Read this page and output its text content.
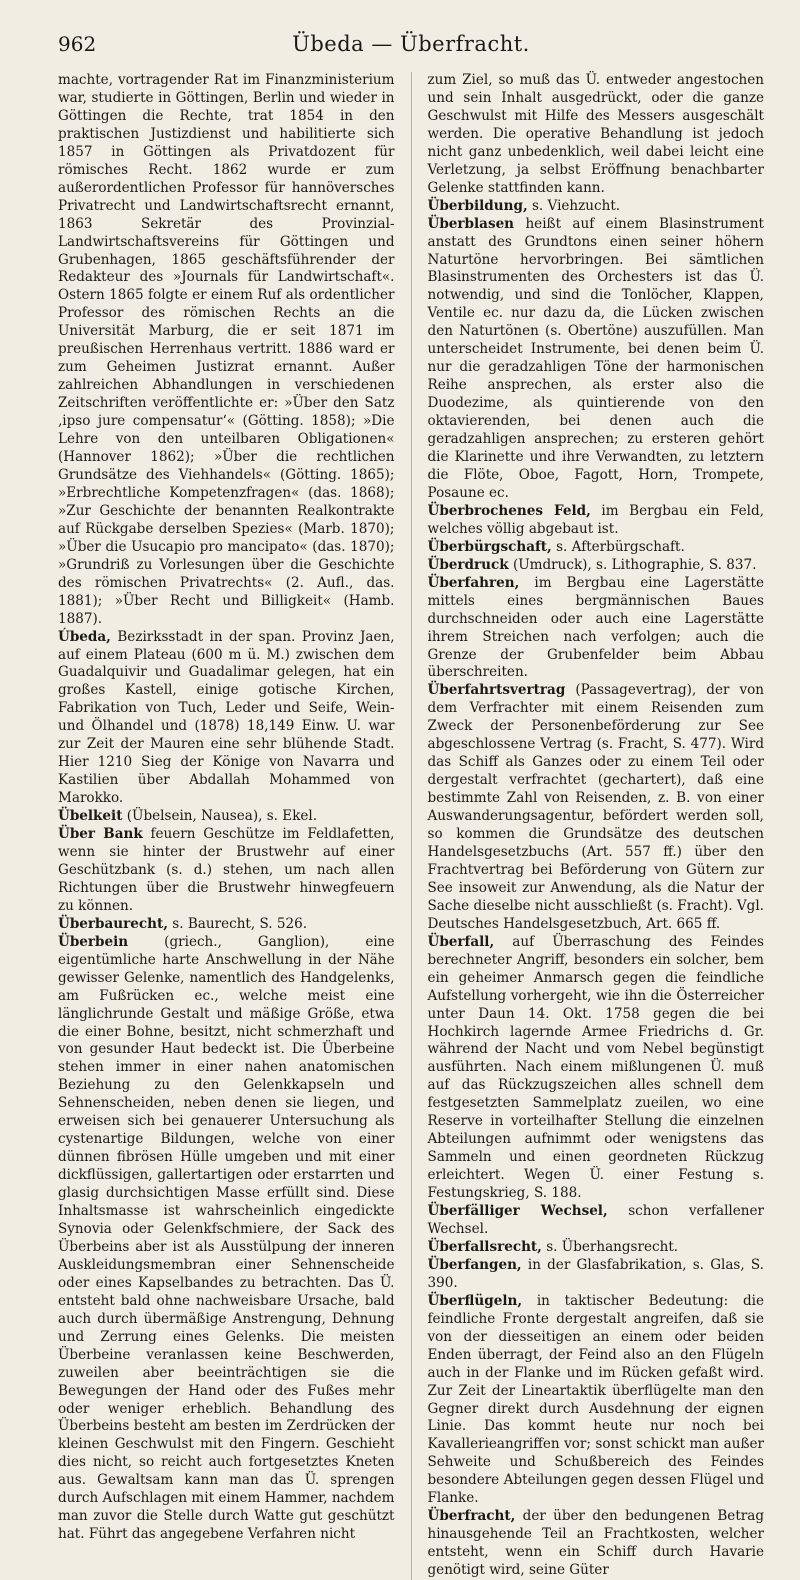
962	Übeda — Überfracht.

machte, vortragender Rat im Finanzministerium war, studierte in Göttingen, Berlin und wieder in Göttingen die Rechte, trat 1854 in den praktischen Justizdienst und habilitierte sich 1857 in Göttingen als Privatdozent für römisches Recht. 1862 wurde er zum außerordentlichen Professor für hannöversches Privatrecht und Landwirtschaftsrecht ernannt, 1863 Sekretär des Provinzial-Landwirtschaftsvereins für Göttingen und Grubenhagen, 1865 geschäftsführender der Redakteur des »Journals für Landwirtschaft«. Ostern 1865 folgte er einem Ruf als ordentlicher Professor des römischen Rechts an die Universität Marburg, die er seit 1871 im preußischen Herrenhaus vertritt. 1886 ward er zum Geheimen Justizrat ernannt. Außer zahlreichen Abhandlungen in verschiedenen Zeitschriften veröffentlichte er: »Über den Satz ‚ipso jure compensatur‘« (Götting. 1858); »Die Lehre von den unteilbaren Obligationen« (Hannover 1862); »Über die rechtlichen Grundsätze des Viehhandels« (Götting. 1865); »Erbrechtliche Kompetenzfragen« (das. 1868); »Zur Geschichte der benannten Realkontrakte auf Rückgabe derselben Spezies« (Marb. 1870); »Über die Usucapio pro mancipato« (das. 1870); »Grundriß zu Vorlesungen über die Geschichte des römischen Privatrechts« (2. Aufl., das. 1881); »Über Recht und Billigkeit« (Hamb. 1887).

Úbeda, Bezirksstadt in der span. Provinz Jaen, auf einem Plateau (600 m ü. M.) zwischen dem Guadalquivir und Guadalimar gelegen, hat ein großes Kastell, einige gotische Kirchen, Fabrikation von Tuch, Leder und Seife, Wein- und Ölhandel und (1878) 18,149 Einw. U. war zur Zeit der Mauren eine sehr blühende Stadt. Hier 1210 Sieg der Könige von Navarra und Kastilien über Abdallah Mohammed von Marokko.

Übelkeit (Übelsein, Nausea), s. Ekel.

Über Bank feuern Geschütze im Feldlafetten, wenn sie hinter der Brustwehr auf einer Geschützbank (s. d.) stehen, um nach allen Richtungen über die Brustwehr hinwegfeuern zu können.

Überbaurecht, s. Baurecht, S. 526.

Überbein (griech., Ganglion), eine eigentümliche harte Anschwellung in der Nähe gewisser Gelenke, namentlich des Handgelenks, am Fußrücken ec., welche meist eine länglichrunde Gestalt und mäßige Größe, etwa die einer Bohne, besitzt, nicht schmerzhaft und von gesunder Haut bedeckt ist. Die Überbeine stehen immer in einer nahen anatomischen Beziehung zu den Gelenkkapseln und Sehnenscheiden, neben denen sie liegen, und erweisen sich bei genauerer Untersuchung als cystenartige Bildungen, welche von einer dünnen fibrösen Hülle umgeben und mit einer dickflüssigen, gallertartigen oder erstarrten und glasig durchsichtigen Masse erfüllt sind. Diese Inhaltsmasse ist wahrscheinlich eingedickte Synovia oder Gelenkfschmiere, der Sack des Überbeins aber ist als Ausstülpung der inneren Auskleidungsmembran einer Sehnenscheide oder eines Kapselbandes zu betrachten. Das Ü. entsteht bald ohne nachweisbare Ursache, bald auch durch übermäßige Anstrengung, Dehnung und Zerrung eines Gelenks. Die meisten Überbeine veranlassen keine Beschwerden, zuweilen aber beeinträchtigen sie die Bewegungen der Hand oder des Fußes mehr oder weniger erheblich. Behandlung des Überbeins besteht am besten im Zerdrücken der kleinen Geschwulst mit den Fingern. Geschieht dies nicht, so reicht auch fortgesetztes Kneten aus. Gewaltsam kann man das Ü. sprengen durch Aufschlagen mit einem Hammer, nachdem man zuvor die Stelle durch Watte gut geschützt hat. Führt das angegebene Verfahren nicht

zum Ziel, so muß das Ü. entweder angestochen und sein Inhalt ausgedrückt, oder die ganze Geschwulst mit Hilfe des Messers ausgeschält werden. Die operative Behandlung ist jedoch nicht ganz unbedenklich, weil dabei leicht eine Verletzung, ja selbst Eröffnung benachbarter Gelenke stattfinden kann.

Überbildung, s. Viehzucht.

Überblasen heißt auf einem Blasinstrument anstatt des Grundtons einen seiner höhern Naturtöne hervorbringen. Bei sämtlichen Blasinstrumenten des Orchesters ist das Ü. notwendig, und sind die Tonlöcher, Klappen, Ventile ec. nur dazu da, die Lücken zwischen den Naturtönen (s. Obertöne) auszufüllen. Man unterscheidet Instrumente, bei denen beim Ü. nur die geradzahligen Töne der harmonischen Reihe ansprechen, als erster also die Duodezime, als quintierende von den oktavierenden, bei denen auch die geradzahligen ansprechen; zu ersteren gehört die Klarinette und ihre Verwandten, zu letztern die Flöte, Oboe, Fagott, Horn, Trompete, Posaune ec.

Überbrochenes Feld, im Bergbau ein Feld, welches völlig abgebaut ist.

Überbürgschaft, s. Afterbürgschaft.

Überdruck (Umdruck), s. Lithographie, S. 837.

Überfahren, im Bergbau eine Lagerstätte mittels eines bergmännischen Baues durchschneiden oder auch eine Lagerstätte ihrem Streichen nach verfolgen; auch die Grenze der Grubenfelder beim Abbau überschreiten.

Überfahrtsvertrag (Passagevertrag), der von dem Verfrachter mit einem Reisenden zum Zweck der Personenbeförderung zur See abgeschlossene Vertrag (s. Fracht, S. 477). Wird das Schiff als Ganzes oder zu einem Teil oder dergestalt verfrachtet (gechartert), daß eine bestimmte Zahl von Reisenden, z. B. von einer Auswanderungsagentur, befördert werden soll, so kommen die Grundsätze des deutschen Handelsgesetzbuchs (Art. 557 ff.) über den Frachtvertrag bei Beförderung von Gütern zur See insoweit zur Anwendung, als die Natur der Sache dieselbe nicht ausschließt (s. Fracht). Vgl. Deutsches Handelsgesetzbuch, Art. 665 ff.

Überfall, auf Überraschung des Feindes berechneter Angriff, besonders ein solcher, bem ein geheimer Anmarsch gegen die feindliche Aufstellung vorhergeht, wie ihn die Österreicher unter Daun 14. Okt. 1758 gegen die bei Hochkirch lagernde Armee Friedrichs d. Gr. während der Nacht und vom Nebel begünstigt ausführten. Nach einem mißlungenen Ü. muß auf das Rückzugszeichen alles schnell dem festgesetzten Sammelplatz zueilen, wo eine Reserve in vorteilhafter Stellung die einzelnen Abteilungen aufnimmt oder wenigstens das Sammeln und einen geordneten Rückzug erleichtert. Wegen Ü. einer Festung s. Festungskrieg, S. 188.

Überfälliger Wechsel, schon verfallener Wechsel.

Überfallsrecht, s. Überhangsrecht.

Überfangen, in der Glasfabrikation, s. Glas, S. 390.

Überflügeln, in taktischer Bedeutung: die feindliche Fronte dergestalt angreifen, daß sie von der diesseitigen an einem oder beiden Enden überragt, der Feind also an den Flügeln auch in der Flanke und im Rücken gefaßt wird. Zur Zeit der Lineartaktik überflügelte man den Gegner direkt durch Ausdehnung der eignen Linie. Das kommt heute nur noch bei Kavallerieangriffen vor; sonst schickt man außer Sehweite und Schußbereich des Feindes besondere Abteilungen gegen dessen Flügel und Flanke.

Überfracht, der über den bedungenen Betrag hinausgehende Teil an Frachtkosten, welcher entsteht, wenn ein Schiff durch Havarie genötigt wird, seine Güter
